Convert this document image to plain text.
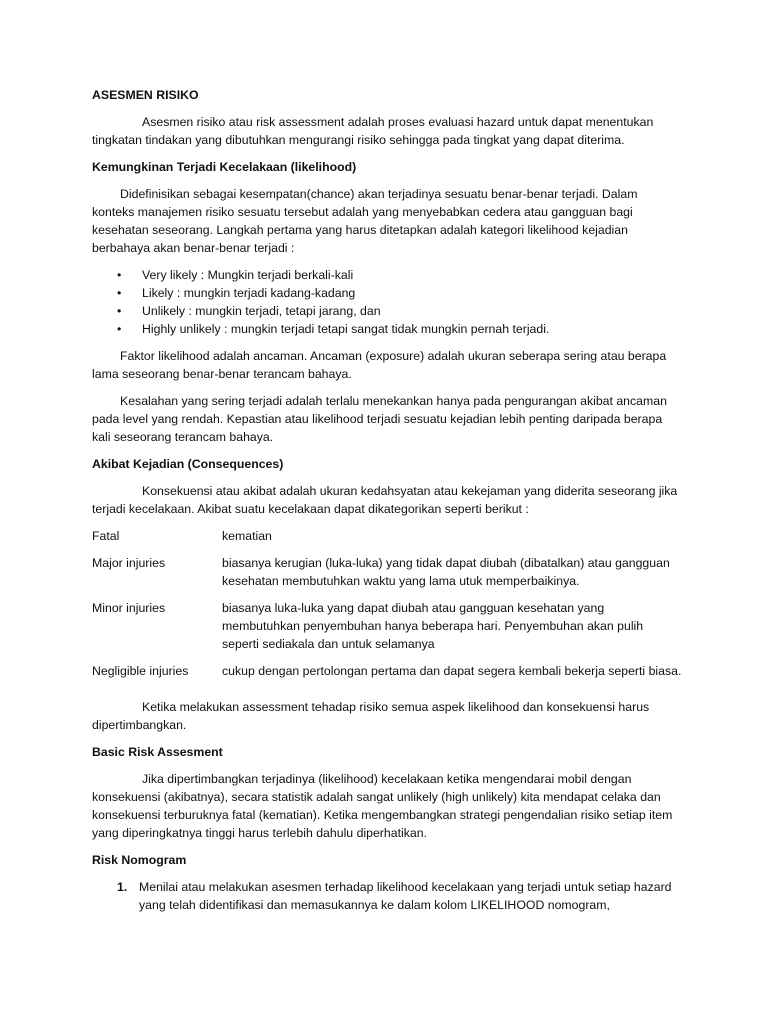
ASESMEN RISIKO

Asesmen risiko atau risk assessment adalah proses evaluasi hazard untuk dapat menentukan tingkatan tindakan yang dibutuhkan mengurangi risiko sehingga pada tingkat yang dapat diterima.

Kemungkinan Terjadi Kecelakaan (likelihood)

Didefinisikan sebagai kesempatan(chance) akan terjadinya sesuatu benar-benar terjadi. Dalam konteks manajemen risiko sesuatu tersebut adalah yang menyebabkan cedera atau gangguan bagi kesehatan seseorang. Langkah pertama yang harus ditetapkan adalah kategori likelihood kejadian berbahaya akan benar-benar terjadi :

• Very likely : Mungkin terjadi berkali-kali
• Likely : mungkin terjadi kadang-kadang
• Unlikely : mungkin terjadi, tetapi jarang, dan
• Highly unlikely : mungkin terjadi tetapi sangat tidak mungkin pernah terjadi.

Faktor likelihood adalah ancaman. Ancaman (exposure) adalah ukuran seberapa sering atau berapa lama seseorang benar-benar terancam bahaya.

Kesalahan yang sering terjadi adalah terlalu menekankan hanya pada pengurangan akibat ancaman pada level yang rendah. Kepastian atau likelihood terjadi sesuatu kejadian lebih penting daripada berapa kali seseorang terancam bahaya.

Akibat Kejadian (Consequences)

Konsekuensi atau akibat adalah ukuran kedahsyatan atau kekejaman yang diderita seseorang jika terjadi kecelakaan. Akibat suatu kecelakaan dapat dikategorikan seperti berikut :

Fatal	kematian
Major injuries	biasanya kerugian (luka-luka) yang tidak dapat diubah (dibatalkan) atau gangguan kesehatan membutuhkan waktu yang lama utuk memperbaikinya.
Minor injuries	biasanya luka-luka yang dapat diubah atau gangguan kesehatan yang membutuhkan penyembuhan hanya beberapa hari. Penyembuhan akan pulih seperti sediakala dan untuk selamanya
Negligible injuries	cukup dengan pertolongan pertama dan dapat segera kembali bekerja seperti biasa.

Ketika melakukan assessment tehadap risiko semua aspek likelihood dan konsekuensi harus dipertimbangkan.

Basic Risk Assesment

Jika dipertimbangkan terjadinya (likelihood) kecelakaan ketika mengendarai mobil dengan konsekuensi (akibatnya), secara statistik adalah sangat unlikely (high unlikely) kita mendapat celaka dan konsekuensi terburuknya fatal (kematian). Ketika mengembangkan strategi pengendalian risiko setiap item yang diperingkatnya tinggi harus terlebih dahulu diperhatikan.

Risk Nomogram
1. Menilai atau melakukan asesmen terhadap likelihood kecelakaan yang terjadi untuk setiap hazard yang telah didentifikasi dan memasukannya ke dalam kolom LIKELIHOOD nomogram,
